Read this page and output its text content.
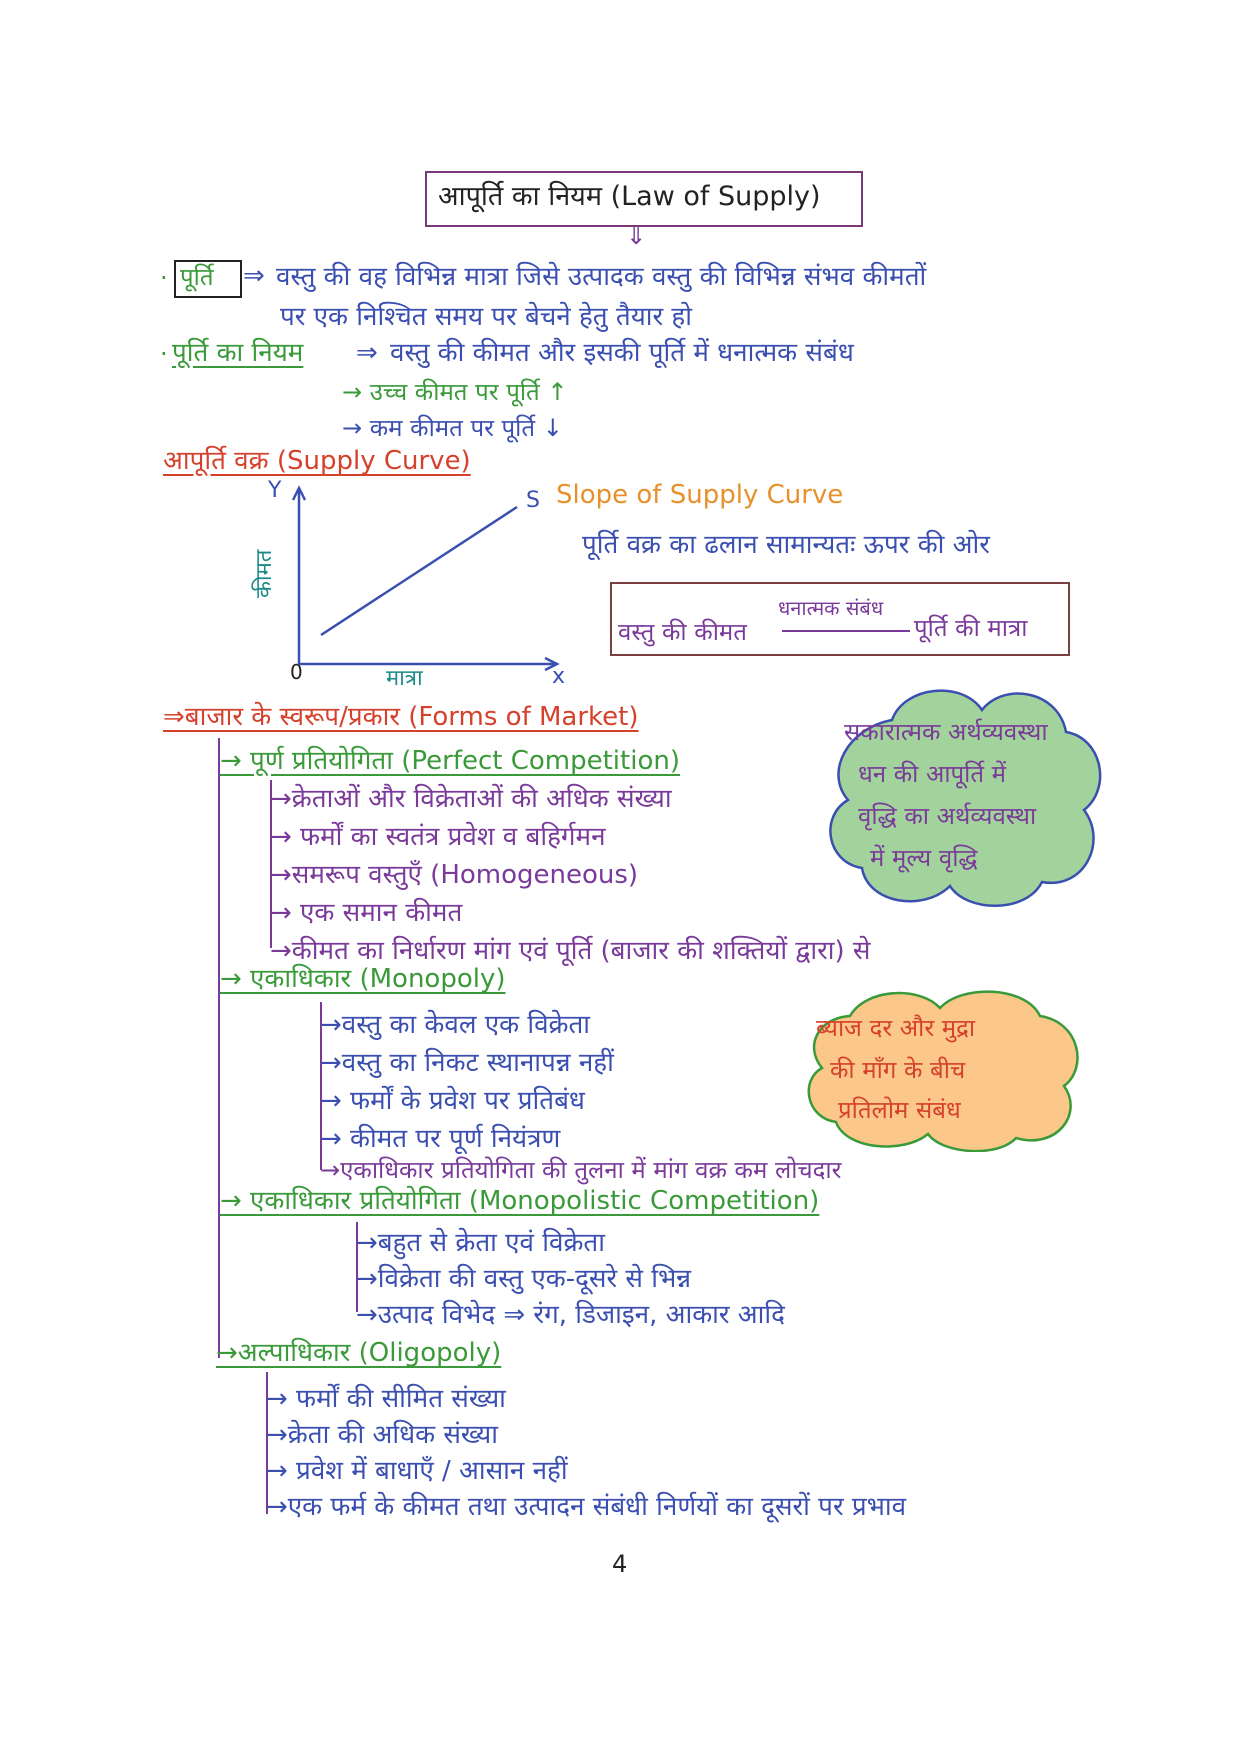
आपूर्ति का नियम (Law of Supply)
⇓
· पूर्ति ⇒ वस्तु की वह विभिन्न मात्रा जिसे उत्पादक वस्तु की विभिन्न संभव कीमतों
पर एक निश्चित समय पर बेचने हेतु तैयार हो
· पूर्ति का नियम ⇒ वस्तु की कीमत और इसकी पूर्ति में धनात्मक संबंध
→ उच्च कीमत पर पूर्ति ↑
→ कम कीमत पर पूर्ति ↓
आपूर्ति वक्र (Supply Curve)
Y
x
0
कीमत
मात्रा
S Slope of Supply Curve
पूर्ति वक्र का ढलान सामान्यतः ऊपर की ओर
वस्तु की कीमत
धनात्मक संबंध
पूर्ति की मात्रा
⇒बाजार के स्वरूप/प्रकार (Forms of Market)
→ पूर्ण प्रतियोगिता (Perfect Competition)
→क्रेताओं और विक्रेताओं की अधिक संख्या
→ फर्मों का स्वतंत्र प्रवेश व बहिर्गमन
→समरूप वस्तुएँ (Homogeneous)
→ एक समान कीमत
→कीमत का निर्धारण मांग एवं पूर्ति (बाजार की शक्तियों द्वारा) से
सकारात्मक अर्थव्यवस्था
धन की आपूर्ति में
वृद्धि का अर्थव्यवस्था
में मूल्य वृद्धि
→ एकाधिकार (Monopoly)
→वस्तु का केवल एक विक्रेता
→वस्तु का निकट स्थानापन्न नहीं
→ फर्मों के प्रवेश पर प्रतिबंध
→ कीमत पर पूर्ण नियंत्रण
→एकाधिकार प्रतियोगिता की तुलना में मांग वक्र कम लोचदार
ब्याज दर और मुद्रा
की माँग के बीच
प्रतिलोम संबंध
→ एकाधिकार प्रतियोगिता (Monopolistic Competition)
→बहुत से क्रेता एवं विक्रेता
→विक्रेता की वस्तु एक-दूसरे से भिन्न
→उत्पाद विभेद ⇒ रंग, डिजाइन, आकार आदि
→अल्पाधिकार (Oligopoly)
→ फर्मों की सीमित संख्या
→क्रेता की अधिक संख्या
→ प्रवेश में बाधाएँ / आसान नहीं
→एक फर्म के कीमत तथा उत्पादन संबंधी निर्णयों का दूसरों पर प्रभाव
4
